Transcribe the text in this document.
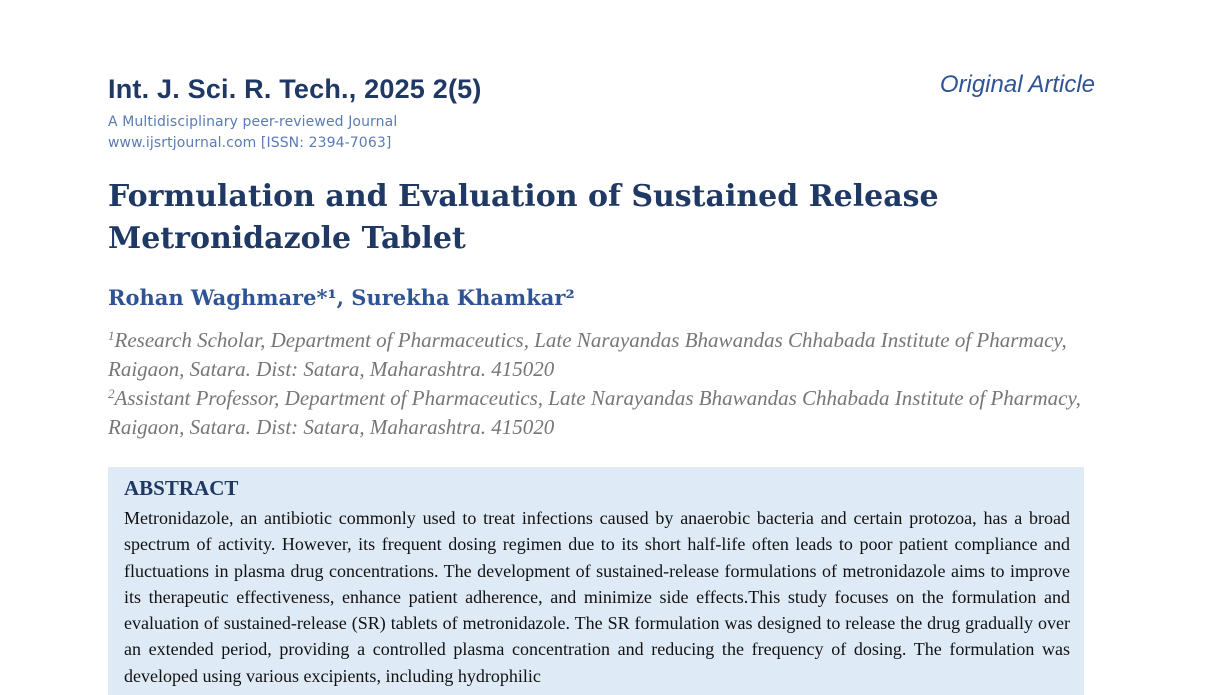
Int. J. Sci. R. Tech., 2025 2(5)	Original Article
A Multidisciplinary peer-reviewed Journal
www.ijsrtjournal.com [ISSN: 2394-7063]
Formulation and Evaluation of Sustained Release Metronidazole Tablet
Rohan Waghmare*¹, Surekha Khamkar²

$^1$Research Scholar, Department of Pharmaceutics, Late Narayandas Bhawandas Chhabada Institute of Pharmacy, Raigaon, Satara. Dist: Satara, Maharashtra. 415020

$^2$Assistant Professor, Department of Pharmaceutics, Late Narayandas Bhawandas Chhabada Institute of Pharmacy, Raigaon, Satara. Dist: Satara, Maharashtra. 415020

ABSTRACT

Metronidazole, an antibiotic commonly used to treat infections caused by anaerobic bacteria and certain protozoa, has a broad spectrum of activity. However, its frequent dosing regimen due to its short half-life often leads to poor patient compliance and fluctuations in plasma drug concentrations. The development of sustained-release formulations of metronidazole aims to improve its therapeutic effectiveness, enhance patient adherence, and minimize side effects.This study focuses on the formulation and evaluation of sustained-release (SR) tablets of metronidazole. The SR formulation was designed to release the drug gradually over an extended period, providing a controlled plasma concentration and reducing the frequency of dosing. The formulation was developed using various excipients, including hydrophilic
